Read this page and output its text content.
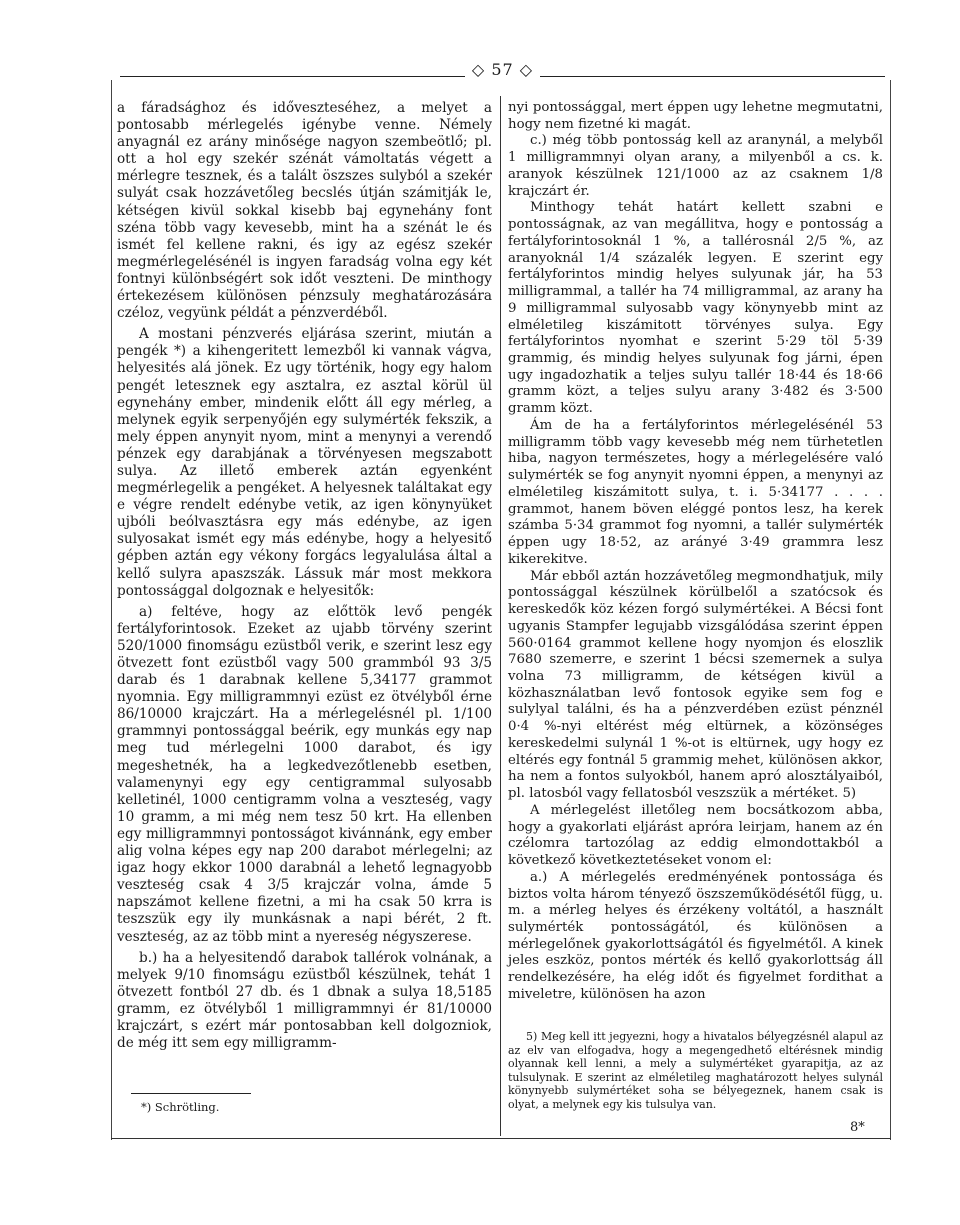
◇ 57 ◇

a fáradsághoz és időveszteséhez, a melyet a pontosabb mérlegelés igénybe venne. Némely anyagnál ez arány minősége nagyon szembeötlő; pl. ott a hol egy szekér szénát vámoltatás végett a mérlegre tesznek, és a talált öszszes sulyból a szekér sulyát csak hozzávetőleg becslés útján számitják le, kétségen kivül sokkal kisebb baj egynehány font széna több vagy kevesebb, mint ha a szénát le és ismét fel kellene rakni, és igy az egész szekér megmérlegelésénél is ingyen faradság volna egy két fontnyi különbségért sok időt veszteni. De minthogy értekezésem különösen pénzsuly meghatározására czéloz, vegyünk példát a pénzverdéből.

A mostani pénzverés eljárása szerint, miután a pengék *) a kihengeritett lemezből ki vannak vágva, helyesités alá jönek. Ez ugy történik, hogy egy halom pengét letesznek egy asztalra, ez asztal körül ül egynehány ember, mindenik előtt áll egy mérleg, a melynek egyik serpenyőjén egy sulymérték fekszik, a mely éppen anynyit nyom, mint a menynyi a verendő pénzek egy darabjának a törvényesen megszabott sulya. Az illető emberek aztán egyenként megmérlegelik a pengéket. A helyesnek találtakat egy e végre rendelt edénybe vetik, az igen könynyüket ujbóli beólvasztásra egy más edénybe, az igen sulyosakat ismét egy más edénybe, hogy a helyesitő gépben aztán egy vékony forgács legyalulása által a kellő sulyra apaszszák. Lássuk már most mekkora pontossággal dolgoznak e helyesitők:

a) feltéve, hogy az előttök levő pengék fertályforintosok. Ezeket az ujabb törvény szerint 520/1000 finomságu ezüstből verik, e szerint lesz egy ötvezett font ezüstből vagy 500 grammból 93 3/5 darab és 1 darabnak kellene 5,34177 grammot nyomnia. Egy milligrammnyi ezüst ez ötvélyből érne 86/10000 krajczárt. Ha a mérlegelésnél pl. 1/100 grammnyi pontossággal beérik, egy munkás egy nap meg tud mérlegelni 1000 darabot, és igy megeshetnék, ha a legkedvezőtlenebb esetben, valamenynyi egy egy centigrammal sulyosabb kelletinél, 1000 centigramm volna a veszteség, vagy 10 gramm, a mi még nem tesz 50 krt. Ha ellenben egy milligrammnyi pontosságot kivánnánk, egy ember alig volna képes egy nap 200 darabot mérlegelni; az igaz hogy ekkor 1000 darabnál a lehető legnagyobb veszteség csak 4 3/5 krajczár volna, ámde 5 napszámot kellene fizetni, a mi ha csak 50 krra is teszszük egy ily munkásnak a napi bérét, 2 ft. veszteség, az az több mint a nyereség négyszerese.

b.) ha a helyesitendő darabok tallérok volnának, a melyek 9/10 finomságu ezüstből készülnek, tehát 1 ötvezett fontból 27 db. és 1 dbnak a sulya 18,5185 gramm, ez ötvélyből 1 milligrammnyi ér 81/10000 krajczárt, s ezért már pontosabban kell dolgozniok, de még itt sem egy milligramm-

*) Schrötling.

nyi pontossággal, mert éppen ugy lehetne megmutatni, hogy nem fizetné ki magát.

c.) még több pontosság kell az aranynál, a melyből 1 milligrammnyi olyan arany, a milyenből a cs. k. aranyok készülnek 121/1000 az az csaknem 1/8 krajczárt ér.

Minthogy tehát határt kellett szabni e pontosságnak, az van megállitva, hogy e pontosság a fertályforintosoknál 1 %, a tallérosnál 2/5 %, az aranyoknál 1/4 százalék legyen. E szerint egy fertályforintos mindig helyes sulyunak jár, ha 53 milligrammal, a tallér ha 74 milligrammal, az arany ha 9 milligrammal sulyosabb vagy könynyebb mint az elméletileg kiszámitott törvényes sulya. Egy fertályforintos nyomhat e szerint 5·29 töl 5·39 grammig, és mindig helyes sulyunak fog járni, épen ugy ingadozhatik a teljes sulyu tallér 18·44 és 18·66 gramm közt, a teljes sulyu arany 3·482 és 3·500 gramm közt.

Ám de ha a fertályforintos mérlegelésénél 53 milligramm több vagy kevesebb még nem türhetetlen hiba, nagyon természetes, hogy a mérlegelésére való sulymérték se fog anynyit nyomni éppen, a menynyi az elméletileg kiszámitott sulya, t. i. 5·34177 . . . . grammot, hanem böven eléggé pontos lesz, ha kerek számba 5·34 grammot fog nyomni, a tallér sulymérték éppen ugy 18·52, az arányé 3·49 grammra lesz kikerekitve.

Már ebből aztán hozzávetőleg megmondhatjuk, mily pontossággal készülnek körülbelől a szatócsok és kereskedők köz kézen forgó sulymértékei. A Bécsi font ugyanis Stampfer legujabb vizsgálódása szerint éppen 560·0164 grammot kellene hogy nyomjon és eloszlik 7680 szemerre, e szerint 1 bécsi szemernek a sulya volna 73 milligramm, de kétségen kivül a közhasználatban levő fontosok egyike sem fog e sulylyal találni, és ha a pénzverdében ezüst pénznél 0·4 %-nyi eltérést még eltürnek, a közönséges kereskedelmi sulynál 1 %-ot is eltürnek, ugy hogy ez eltérés egy fontnál 5 grammig mehet, különösen akkor, ha nem a fontos sulyokból, hanem apró alosztályaiból, pl. latosból vagy fellatosból veszszük a mértéket. 5)

A mérlegelést illetőleg nem bocsátkozom abba, hogy a gyakorlati eljárást apróra leirjam, hanem az én czélomra tartozólag az eddig elmondottakból a következő következtetéseket vonom el:

a.) A mérlegelés eredményének pontossága és biztos volta három tényező öszszeműködésétől függ, u. m. a mérleg helyes és érzékeny voltától, a használt sulymérték pontosságától, és különösen a mérlegelőnek gyakorlottságától és figyelmétől. A kinek jeles eszköz, pontos mérték és kellő gyakorlottság áll rendelkezésére, ha elég időt és figyelmet fordithat a miveletre, különösen ha azon

5) Meg kell itt jegyezni, hogy a hivatalos bélyegzésnél alapul az az elv van elfogadva, hogy a megengedhető eltérésnek mindig olyannak kell lenni, a mely a sulymértéket gyarapitja, az az tulsulynak. E szerint az elméletileg maghatározott helyes sulynál könynyebb sulymértéket soha se bélyegeznek, hanem csak is olyat, a melynek egy kis tulsulya van.

8*
